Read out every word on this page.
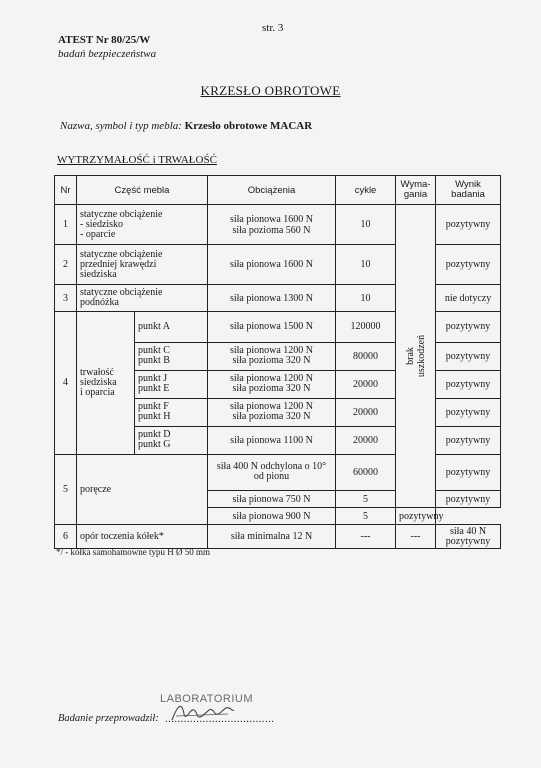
str. 3
ATEST Nr 80/25/W
badań bezpieczeństwa
KRZESŁO OBROTOWE
Nazwa, symbol i typ mebla: Krzesło obrotowe MACAR
WYTRZYMAŁOŚĆ i TRWAŁOŚĆ
Nr	Część mebla		Obciążenia	cykle	Wyma-
gania	Wynik
badania
1	statyczne obciążenie
- siedzisko
- oparcie		siła pionowa 1600 N
siła pozioma 560 N	10	brak
uszkodzeń	pozytywny
2	statyczne obciążenie
przedniej krawędzi
siedziska		siła pionowa 1600 N	10		pozytywny
3	statyczne obciążenie
podnóżka		siła pionowa 1300 N	10		nie dotyczy
4	trwałość
siedziska
i oparcia	punkt A	siła pionowa 1500 N	120000		pozytywny
		punkt C
punkt B	siła pionowa 1200 N
siła pozioma 320 N	80000		pozytywny
		punkt J
punkt E	siła pionowa 1200 N
siła pozioma 320 N	20000		pozytywny
		punkt F
punkt H	siła pionowa 1200 N
siła pozioma 320 N	20000		pozytywny
		punkt D
punkt G	siła pionowa 1100 N	20000		pozytywny
5	poręcze		siła 400 N odchylona o 10°
od pionu	60000		pozytywny
			siła pionowa 750 N	5		pozytywny
			siła pionowa 900 N	5	pozytywny	
6	opór toczenia kółek*		siła minimalna 12 N	---	---	siła 40 N
pozytywny
*/ - kółka samohamowne typu H Ø 50 mm
LABORATORIUM
Badanie przeprowadził: ...................................
